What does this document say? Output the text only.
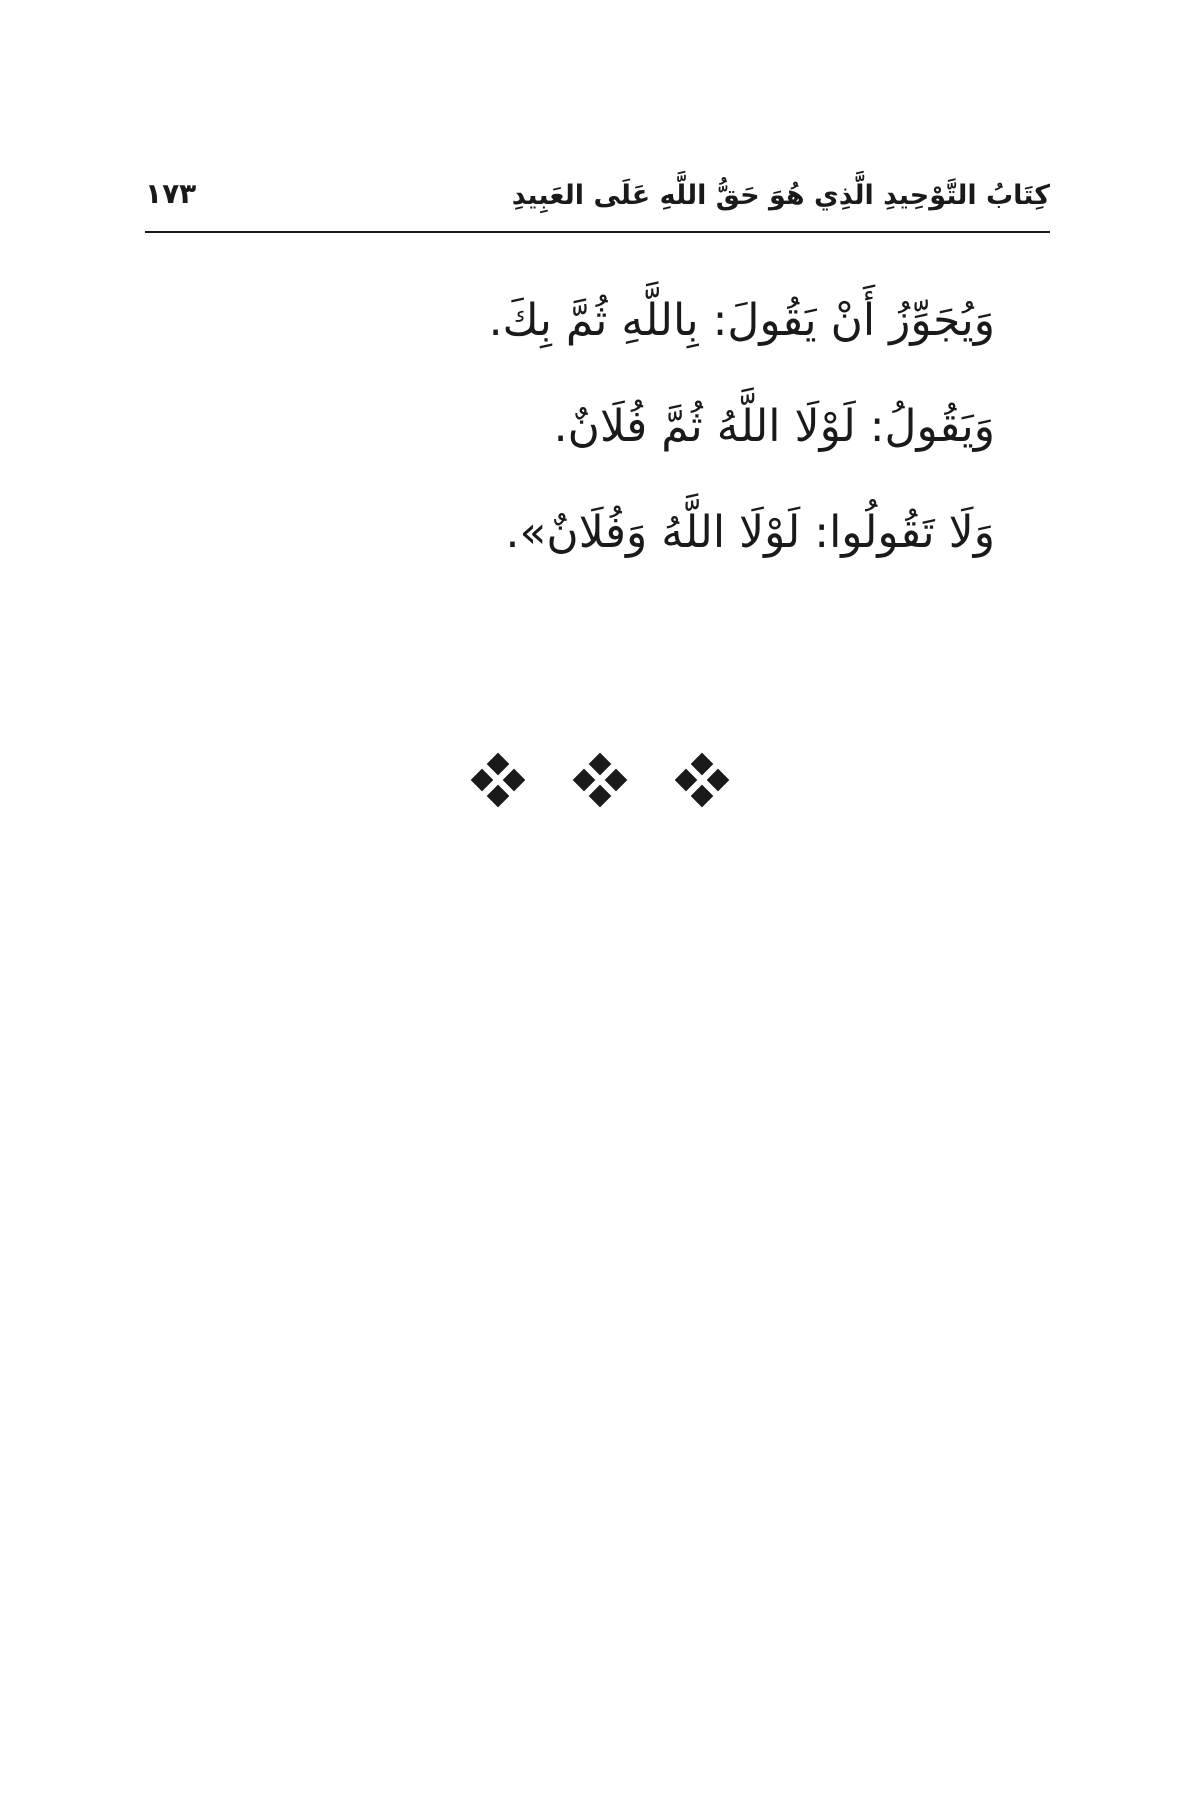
كِتَابُ التَّوْحِيدِ الَّذِي هُوَ حَقُّ اللَّهِ عَلَى العَبِيدِ
١٧٣
وَيُجَوِّزُ أَنْ يَقُولَ: بِاللَّهِ ثُمَّ بِكَ.
وَيَقُولُ: لَوْلَا اللَّهُ ثُمَّ فُلَانٌ.
وَلَا تَقُولُوا: لَوْلَا اللَّهُ وَفُلَانٌ».
